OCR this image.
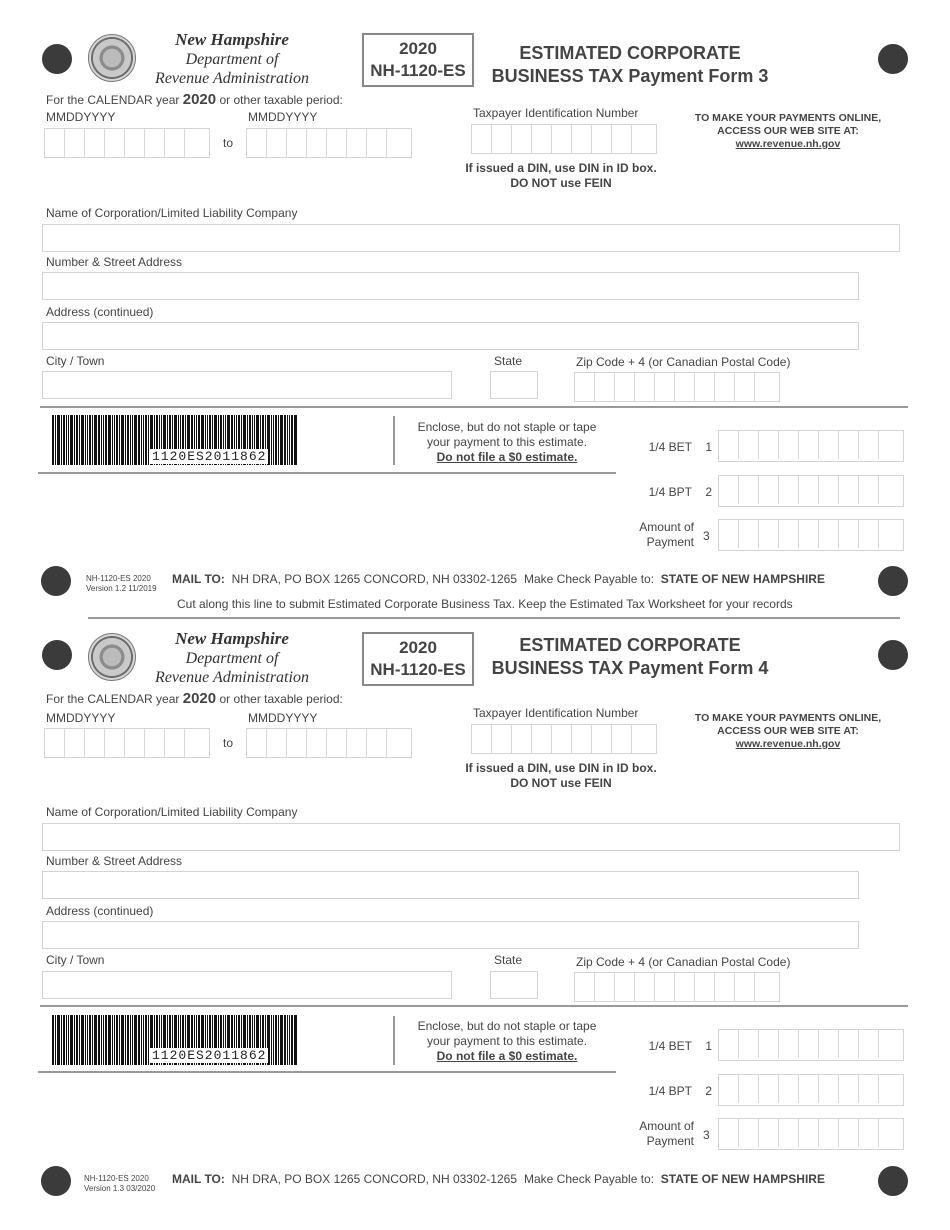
New Hampshire
Department of
Revenue Administration
2020
NH-1120-ES
ESTIMATED CORPORATE
BUSINESS TAX Payment Form 3
For the CALENDAR year 2020 or other taxable period:
MMDDYYYY	MMDDYYYY
to
Taxpayer Identification Number
If issued a DIN, use DIN in ID box.
DO NOT use FEIN
TO MAKE YOUR PAYMENTS ONLINE,
ACCESS OUR WEB SITE AT:
www.revenue.nh.gov
Name of Corporation/Limited Liability Company
Number & Street Address
Address (continued)
City / Town	State	Zip Code + 4 (or Canadian Postal Code)
1120ES2011862
Enclose, but do not staple or tape
your payment to this estimate.
Do not file a $0 estimate.
1/4 BET 1
1/4 BPT 2
Amount of
Payment 3
NH-1120-ES 2020
Version 1.2 11/2019
MAIL TO: NH DRA, PO BOX 1265 CONCORD, NH 03302-1265 Make Check Payable to: STATE OF NEW HAMPSHIRE
Cut along this line to submit Estimated Corporate Business Tax. Keep the Estimated Tax Worksheet for your records
New Hampshire
Department of
Revenue Administration
2020
NH-1120-ES
ESTIMATED CORPORATE
BUSINESS TAX Payment Form 4
For the CALENDAR year 2020 or other taxable period:
MMDDYYYY	MMDDYYYY
to
Taxpayer Identification Number
If issued a DIN, use DIN in ID box.
DO NOT use FEIN
TO MAKE YOUR PAYMENTS ONLINE,
ACCESS OUR WEB SITE AT:
www.revenue.nh.gov
Name of Corporation/Limited Liability Company
Number & Street Address
Address (continued)
City / Town	State	Zip Code + 4 (or Canadian Postal Code)
1120ES2011862
Enclose, but do not staple or tape
your payment to this estimate.
Do not file a $0 estimate.
1/4 BET 1
1/4 BPT 2
Amount of
Payment 3
NH-1120-ES 2020
Version 1.3 03/2020
MAIL TO: NH DRA, PO BOX 1265 CONCORD, NH 03302-1265 Make Check Payable to: STATE OF NEW HAMPSHIRE
